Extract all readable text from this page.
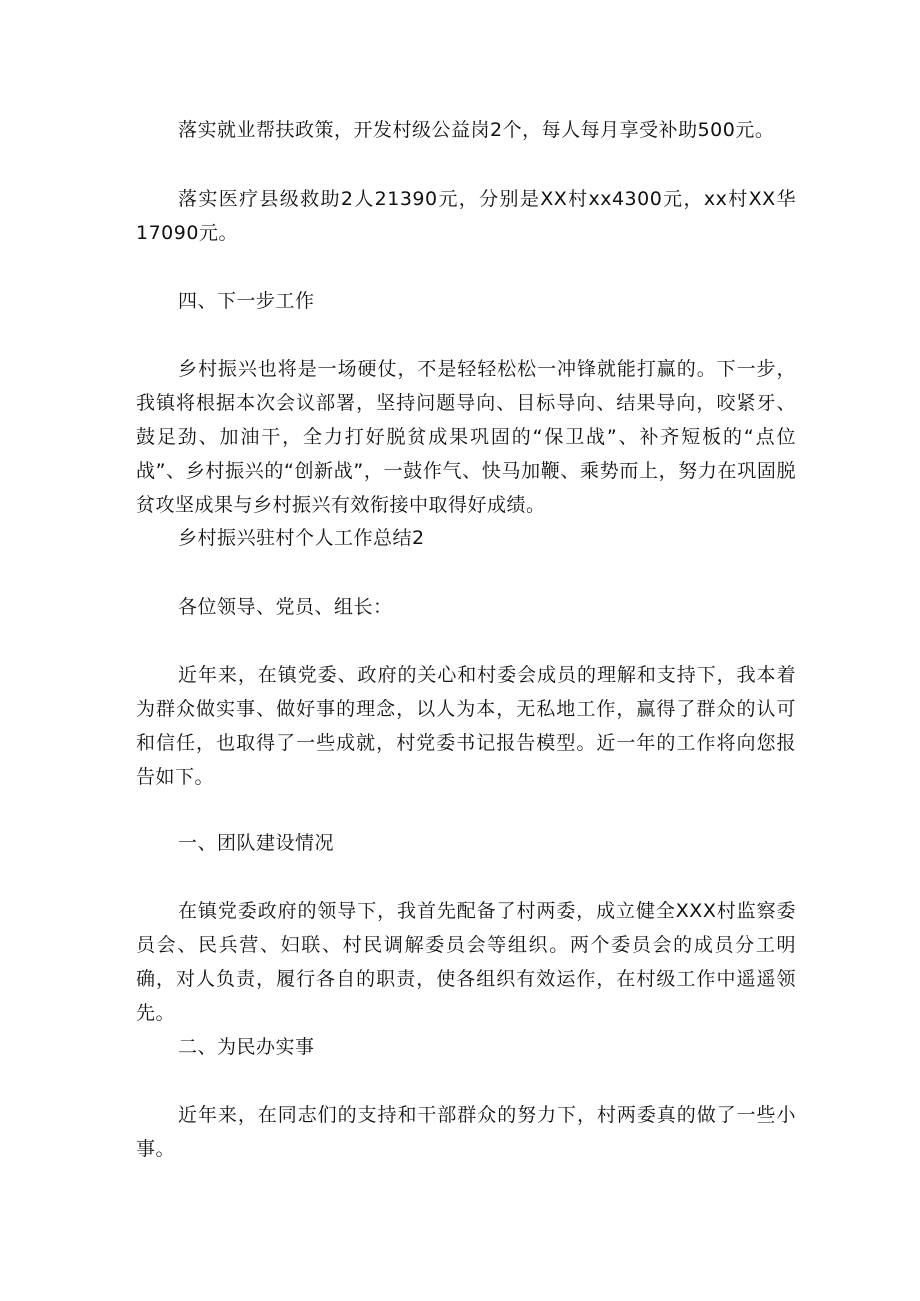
落实就业帮扶政策，开发村级公益岗2个，每人每月享受补助500元。

落实医疗县级救助2人21390元，分别是XX村xx4300元，xx村XX华17090元。

四、下一步工作

乡村振兴也将是一场硬仗，不是轻轻松松一冲锋就能打赢的。下一步，我镇将根据本次会议部署，坚持问题导向、目标导向、结果导向，咬紧牙、鼓足劲、加油干，全力打好脱贫成果巩固的“保卫战”、补齐短板的“点位战”、乡村振兴的“创新战”，一鼓作气、快马加鞭、乘势而上，努力在巩固脱贫攻坚成果与乡村振兴有效衔接中取得好成绩。

乡村振兴驻村个人工作总结2

各位领导、党员、组长：

近年来，在镇党委、政府的关心和村委会成员的理解和支持下，我本着为群众做实事、做好事的理念，以人为本，无私地工作，赢得了群众的认可和信任，也取得了一些成就，村党委书记报告模型。近一年的工作将向您报告如下。

一、团队建设情况

在镇党委政府的领导下，我首先配备了村两委，成立健全XXX村监察委员会、民兵营、妇联、村民调解委员会等组织。两个委员会的成员分工明确，对人负责，履行各自的职责，使各组织有效运作，在村级工作中遥遥领先。

二、为民办实事

近年来，在同志们的支持和干部群众的努力下，村两委真的做了一些小事。
